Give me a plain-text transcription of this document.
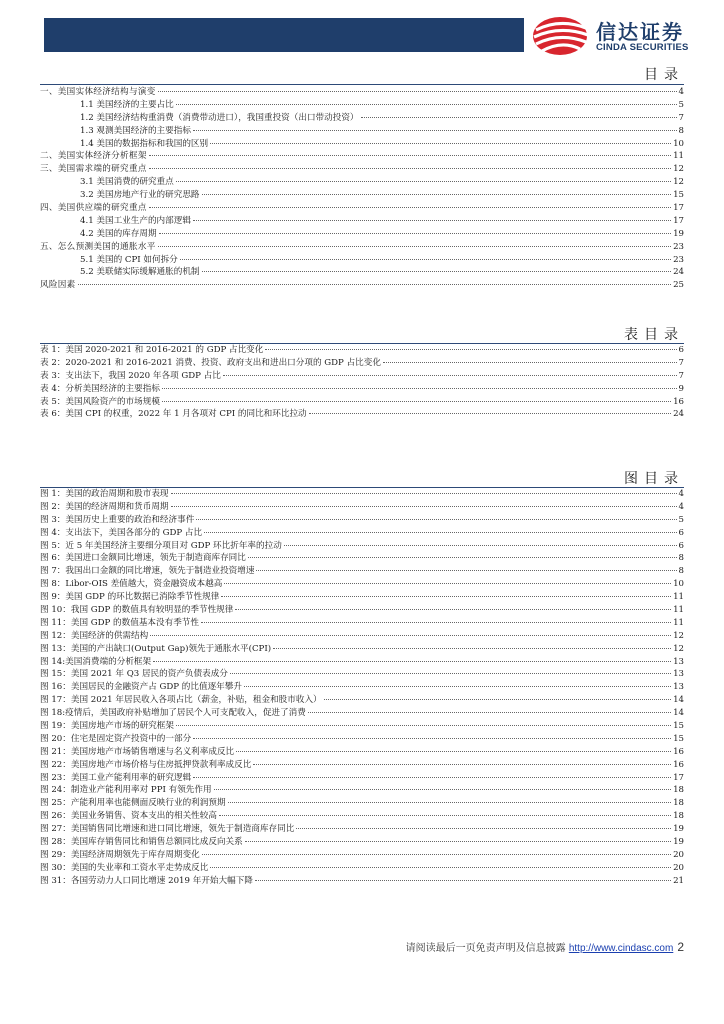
信达证券
CINDA SECURITIES
目录
一、美国实体经济结构与演变	4
1.1 美国经济的主要占比	5
1.2 美国经济结构重消费（消费带动进口），我国重投资（出口带动投资）	7
1.3 观测美国经济的主要指标	8
1.4 美国的数据指标和我国的区别	10
二、美国实体经济分析框架	11
三、美国需求端的研究重点	12
3.1 美国消费的研究重点	12
3.2 美国房地产行业的研究思路	15
四、美国供应端的研究重点	17
4.1 美国工业生产的内部逻辑	17
4.2 美国的库存周期	19
五、怎么预测美国的通胀水平	23
5.1 美国的 CPI 如何拆分	23
5.2 美联储实际缓解通胀的机制	24
风险因素	25
表目录
表 1：美国 2020-2021 和 2016-2021 的 GDP 占比变化	6
表 2：2020-2021 和 2016-2021 消费、投资、政府支出和进出口分项的 GDP 占比变化	7
表 3：支出法下，我国 2020 年各项 GDP 占比	7
表 4：分析美国经济的主要指标	9
表 5：美国风险资产的市场规模	16
表 6：美国 CPI 的权重，2022 年 1 月各项对 CPI 的同比和环比拉动	24
图目录
图 1：美国的政治周期和股市表现	4
图 2：美国的经济周期和货币周期	4
图 3：美国历史上重要的政治和经济事件	5
图 4：支出法下，美国各部分的 GDP 占比	6
图 5：近 5 年美国经济主要细分项目对 GDP 环比折年率的拉动	6
图 6：美国进口金额同比增速，领先于制造商库存同比	8
图 7：我国出口金额的同比增速，领先于制造业投资增速	8
图 8：Libor-OIS 差值越大，资金融资成本越高	10
图 9：美国 GDP 的环比数据已消除季节性规律	11
图 10：我国 GDP 的数值具有较明显的季节性规律	11
图 11：美国 GDP 的数值基本没有季节性	11
图 12：美国经济的供需结构	12
图 13：美国的产出缺口(Output Gap)领先于通胀水平(CPI)	12
图 14:美国消费端的分析框架	13
图 15：美国 2021 年 Q3 居民的资产负债表成分	13
图 16：美国居民的金融资产占 GDP 的比值逐年攀升	13
图 17：美国 2021 年居民收入各项占比（薪金，补贴，租金和股市收入）	14
图 18:疫情后，美国政府补贴增加了居民个人可支配收入，促进了消费	14
图 19：美国房地产市场的研究框架	15
图 20：住宅是固定资产投资中的一部分	15
图 21：美国房地产市场销售增速与名义利率成反比	16
图 22：美国房地产市场价格与住房抵押贷款利率成反比	16
图 23：美国工业产能利用率的研究逻辑	17
图 24：制造业产能利用率对 PPI 有领先作用	18
图 25：产能利用率也能侧面反映行业的利润预期	18
图 26：美国业务销售、资本支出的相关性较高	18
图 27：美国销售同比增速和进口同比增速，领先于制造商库存同比	19
图 28：美国库存销售同比和销售总额同比成反向关系	19
图 29：美国经济周期领先于库存周期变化	20
图 30：美国的失业率和工资水平走势成反比	20
图 31：各国劳动力人口同比增速 2019 年开始大幅下降	21
请阅读最后一页免责声明及信息披露 http://www.cindasc.com 2
